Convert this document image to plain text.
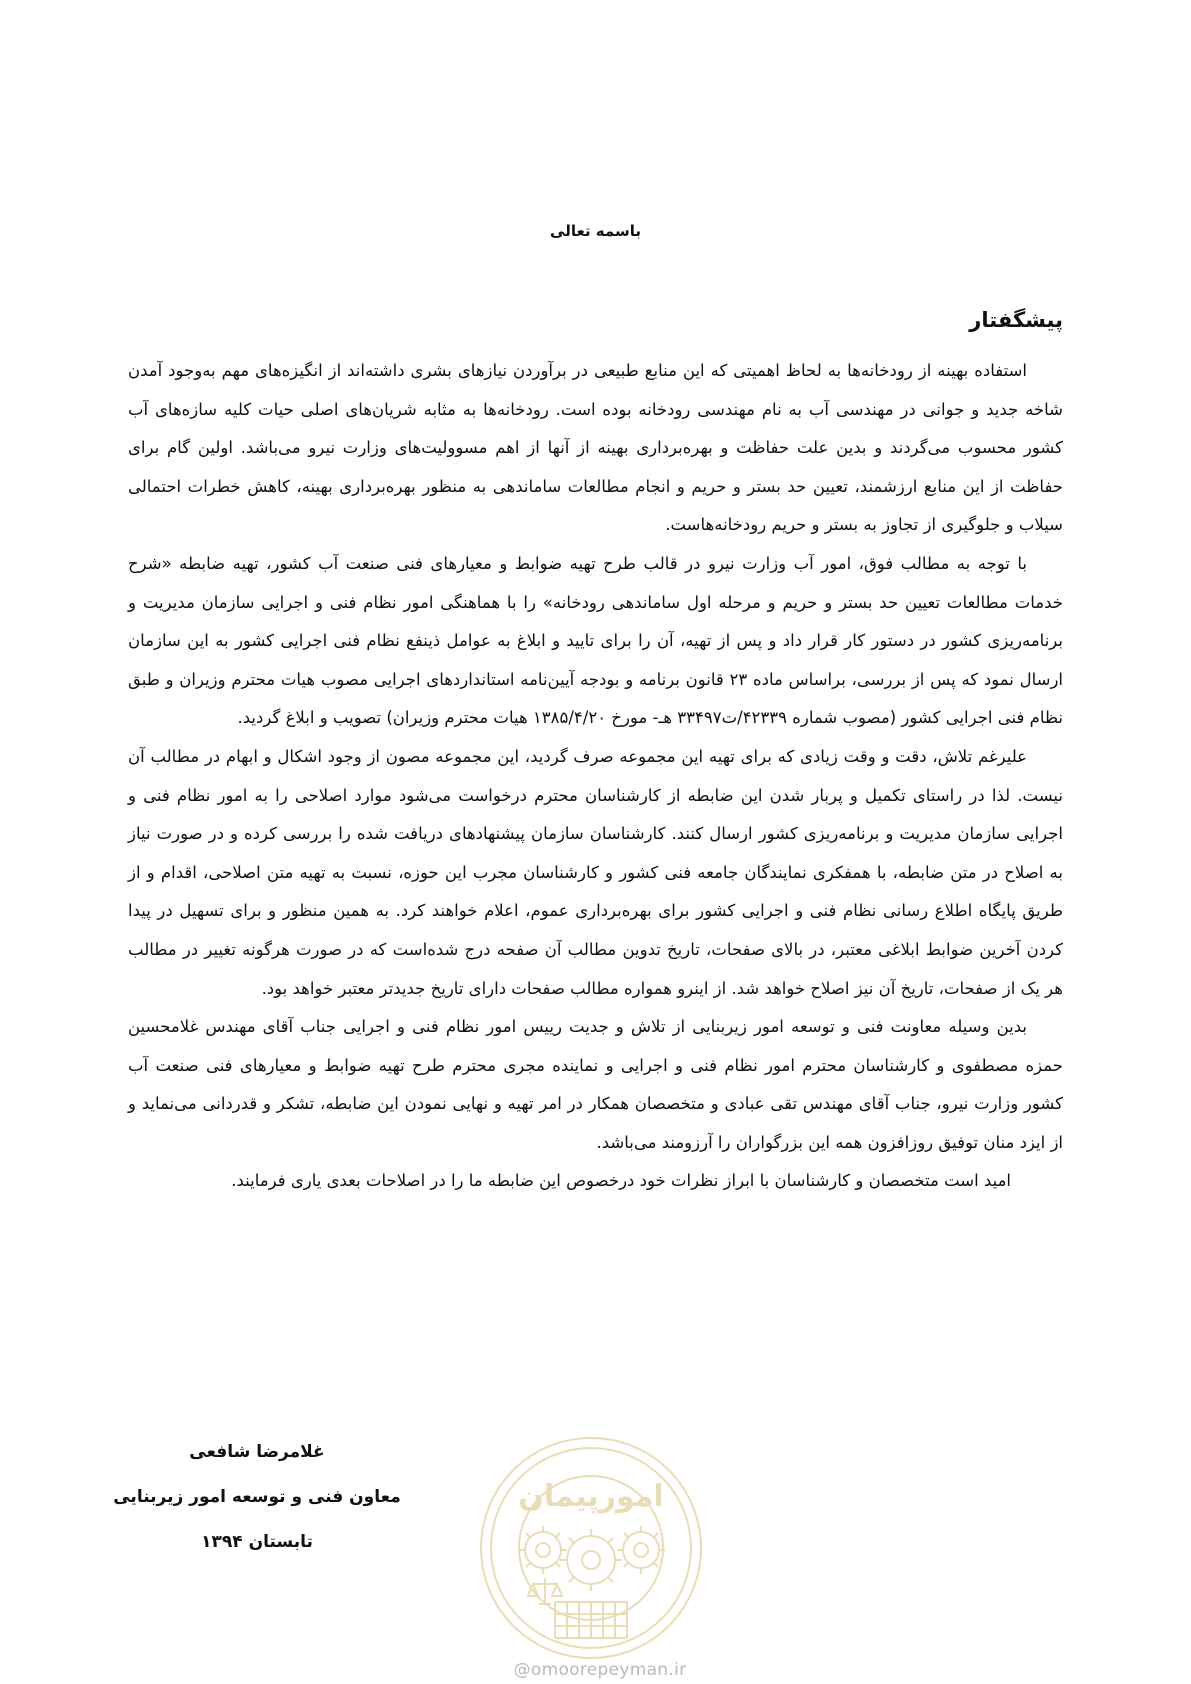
باسمه تعالی
پیشگفتار

استفاده بهینه از رودخانه‌ها به لحاظ اهمیتی که این منابع طبیعی در برآوردن نیازهای بشری داشته‌اند از انگیزه‌های مهم به‌وجود آمدن شاخه جدید و جوانی در مهندسی آب به نام مهندسی رودخانه بوده است. رودخانه‌ها به مثابه شریان‌های اصلی حیات کلیه سازه‌های آب کشور محسوب می‌گردند و بدین علت حفاظت و بهره‌برداری بهینه از آنها از اهم مسوولیت‌های وزارت نیرو می‌باشد. اولین گام برای حفاظت از این منابع ارزشمند، تعیین حد بستر و حریم و انجام مطالعات ساماندهی به منظور بهره‌برداری بهینه، کاهش خطرات احتمالی سیلاب و جلوگیری از تجاوز به بستر و حریم رودخانه‌هاست.

با توجه به مطالب فوق، امور آب وزارت نیرو در قالب طرح تهیه ضوابط و معیارهای فنی صنعت آب کشور، تهیه ضابطه «شرح خدمات مطالعات تعیین حد بستر و حریم و مرحله اول ساماندهی رودخانه» را با هماهنگی امور نظام فنی و اجرایی سازمان مدیریت و برنامه‌ریزی کشور در دستور کار قرار داد و پس از تهیه، آن را برای تایید و ابلاغ به عوامل ذینفع نظام فنی اجرایی کشور به این سازمان ارسال نمود که پس از بررسی، براساس ماده ۲۳ قانون برنامه و بودجه آیین‌نامه استانداردهای اجرایی مصوب هیات محترم وزیران و طبق نظام فنی اجرایی کشور (مصوب شماره ۴۲۳۳۹/ت۳۳۴۹۷ هـ- مورخ ۱۳۸۵/۴/۲۰ هیات محترم وزیران) تصویب و ابلاغ گردید.

علیرغم تلاش، دقت و وقت زیادی که برای تهیه این مجموعه صرف گردید، این مجموعه مصون از وجود اشکال و ابهام در مطالب آن نیست. لذا در راستای تکمیل و پربار شدن این ضابطه از کارشناسان محترم درخواست می‌شود موارد اصلاحی را به امور نظام فنی و اجرایی سازمان مدیریت و برنامه‌ریزی کشور ارسال کنند. کارشناسان سازمان پیشنهادهای دریافت شده را بررسی کرده و در صورت نیاز به اصلاح در متن ضابطه، با همفکری نمایندگان جامعه فنی کشور و کارشناسان مجرب این حوزه، نسبت به تهیه متن اصلاحی، اقدام و از طریق پایگاه اطلاع رسانی نظام فنی و اجرایی کشور برای بهره‌برداری عموم، اعلام خواهند کرد. به همین منظور و برای تسهیل در پیدا کردن آخرین ضوابط ابلاغی معتبر، در بالای صفحات، تاریخ تدوین مطالب آن صفحه درج شده‌است که در صورت هرگونه تغییر در مطالب هر یک از صفحات، تاریخ آن نیز اصلاح خواهد شد. از اینرو همواره مطالب صفحات دارای تاریخ جدیدتر معتبر خواهد بود.

بدین وسیله معاونت فنی و توسعه امور زیربنایی از تلاش و جدیت رییس امور نظام فنی و اجرایی جناب آقای مهندس غلامحسین حمزه مصطفوی و کارشناسان محترم امور نظام فنی و اجرایی و نماینده مجری محترم طرح تهیه ضوابط و معیارهای فنی صنعت آب کشور وزارت نیرو، جناب آقای مهندس تقی عبادی و متخصصان همکار در امر تهیه و نهایی نمودن این ضابطه، تشکر و قدردانی می‌نماید و از ایزد منان توفیق روزافزون همه این بزرگواران را آرزومند می‌باشد.

امید است متخصصان و کارشناسان با ابراز نظرات خود درخصوص این ضابطه ما را در اصلاحات بعدی یاری فرمایند.

امورپیمان
@omoorepeyman.ir
غلامرضا شافعی
معاون فنی و توسعه امور زیربنایی
تابستان ۱۳۹۴
